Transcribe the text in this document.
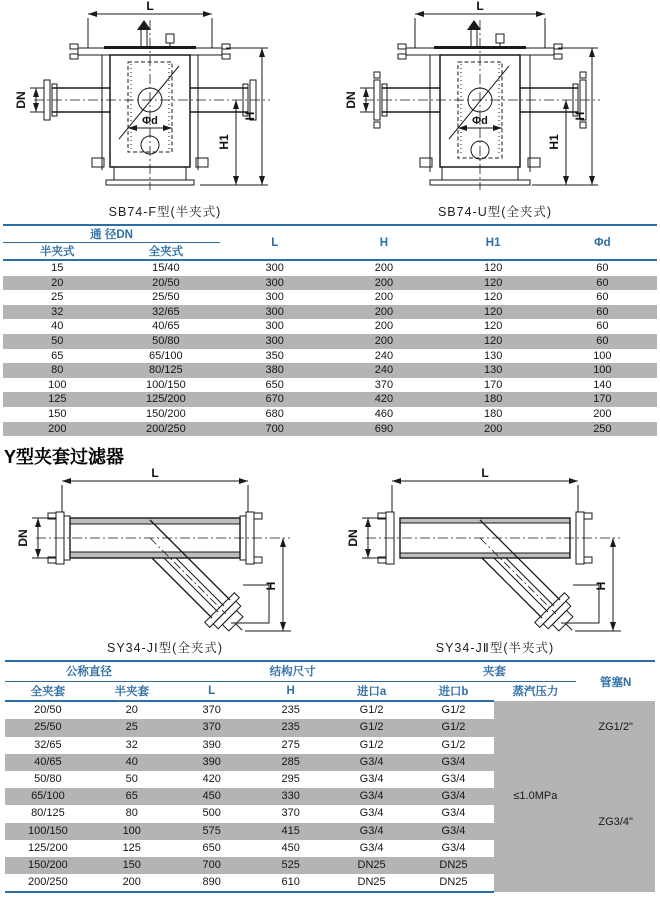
L
DN
Φd
H1
H
SB74-F型(半夹式)
L
DN
Φd
H1
H
SB74-U型(全夹式)
通 径DN		L	H	H1	Φd
半夹式	全夹式				
15	15/40	300	200	120	60
20	20/50	300	200	120	60
25	25/50	300	200	120	60
32	32/65	300	200	120	60
40	40/65	300	200	120	60
50	50/80	300	200	120	60
65	65/100	350	240	130	100
80	80/125	380	240	130	100
100	100/150	650	370	170	140
125	125/200	670	420	180	170
150	150/200	680	460	180	200
200	200/250	700	690	200	250
Y型夹套过滤器
L
DN
H
SY34-JⅠ型(全夹式)
L
DN
H
SY34-JⅡ型(半夹式)
公称直径		结构尺寸			夹套		管塞N
全夹套	半夹套	L	H	进口a	进口b	蒸汽压力	
20/50	20	370	235	G1/2	G1/2	≤1.0MPa	ZG1/2"
25/50	25	370	235	G1/2	G1/2		
32/65	32	390	275	G1/2	G1/2		
40/65	40	390	285	G3/4	G3/4		ZG3/4"
50/80	50	420	295	G3/4	G3/4		
65/100	65	450	330	G3/4	G3/4		
80/125	80	500	370	G3/4	G3/4		
100/150	100	575	415	G3/4	G3/4		
125/200	125	650	450	G3/4	G3/4		
150/200	150	700	525	DN25	DN25		
200/250	200	890	610	DN25	DN25		
